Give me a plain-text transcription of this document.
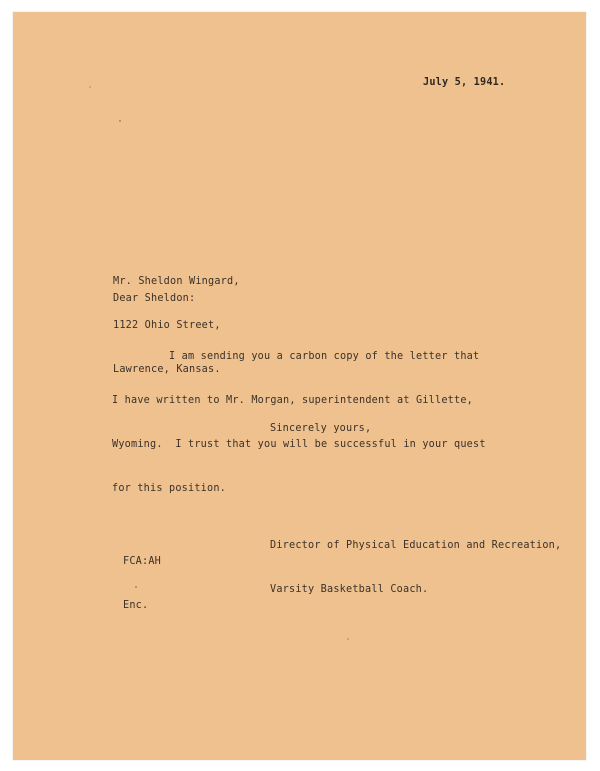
July 5, 1941.

Mr. Sheldon Wingard,

1122 Ohio Street,

Lawrence, Kansas.

Dear Sheldon:

I am sending you a carbon copy of the letter that

I have written to Mr. Morgan, superintendent at Gillette,

Wyoming.  I trust that you will be successful in your quest

for this position.

Sincerely yours,

Director of Physical Education and Recreation,

Varsity Basketball Coach.

FCA:AH

Enc.
